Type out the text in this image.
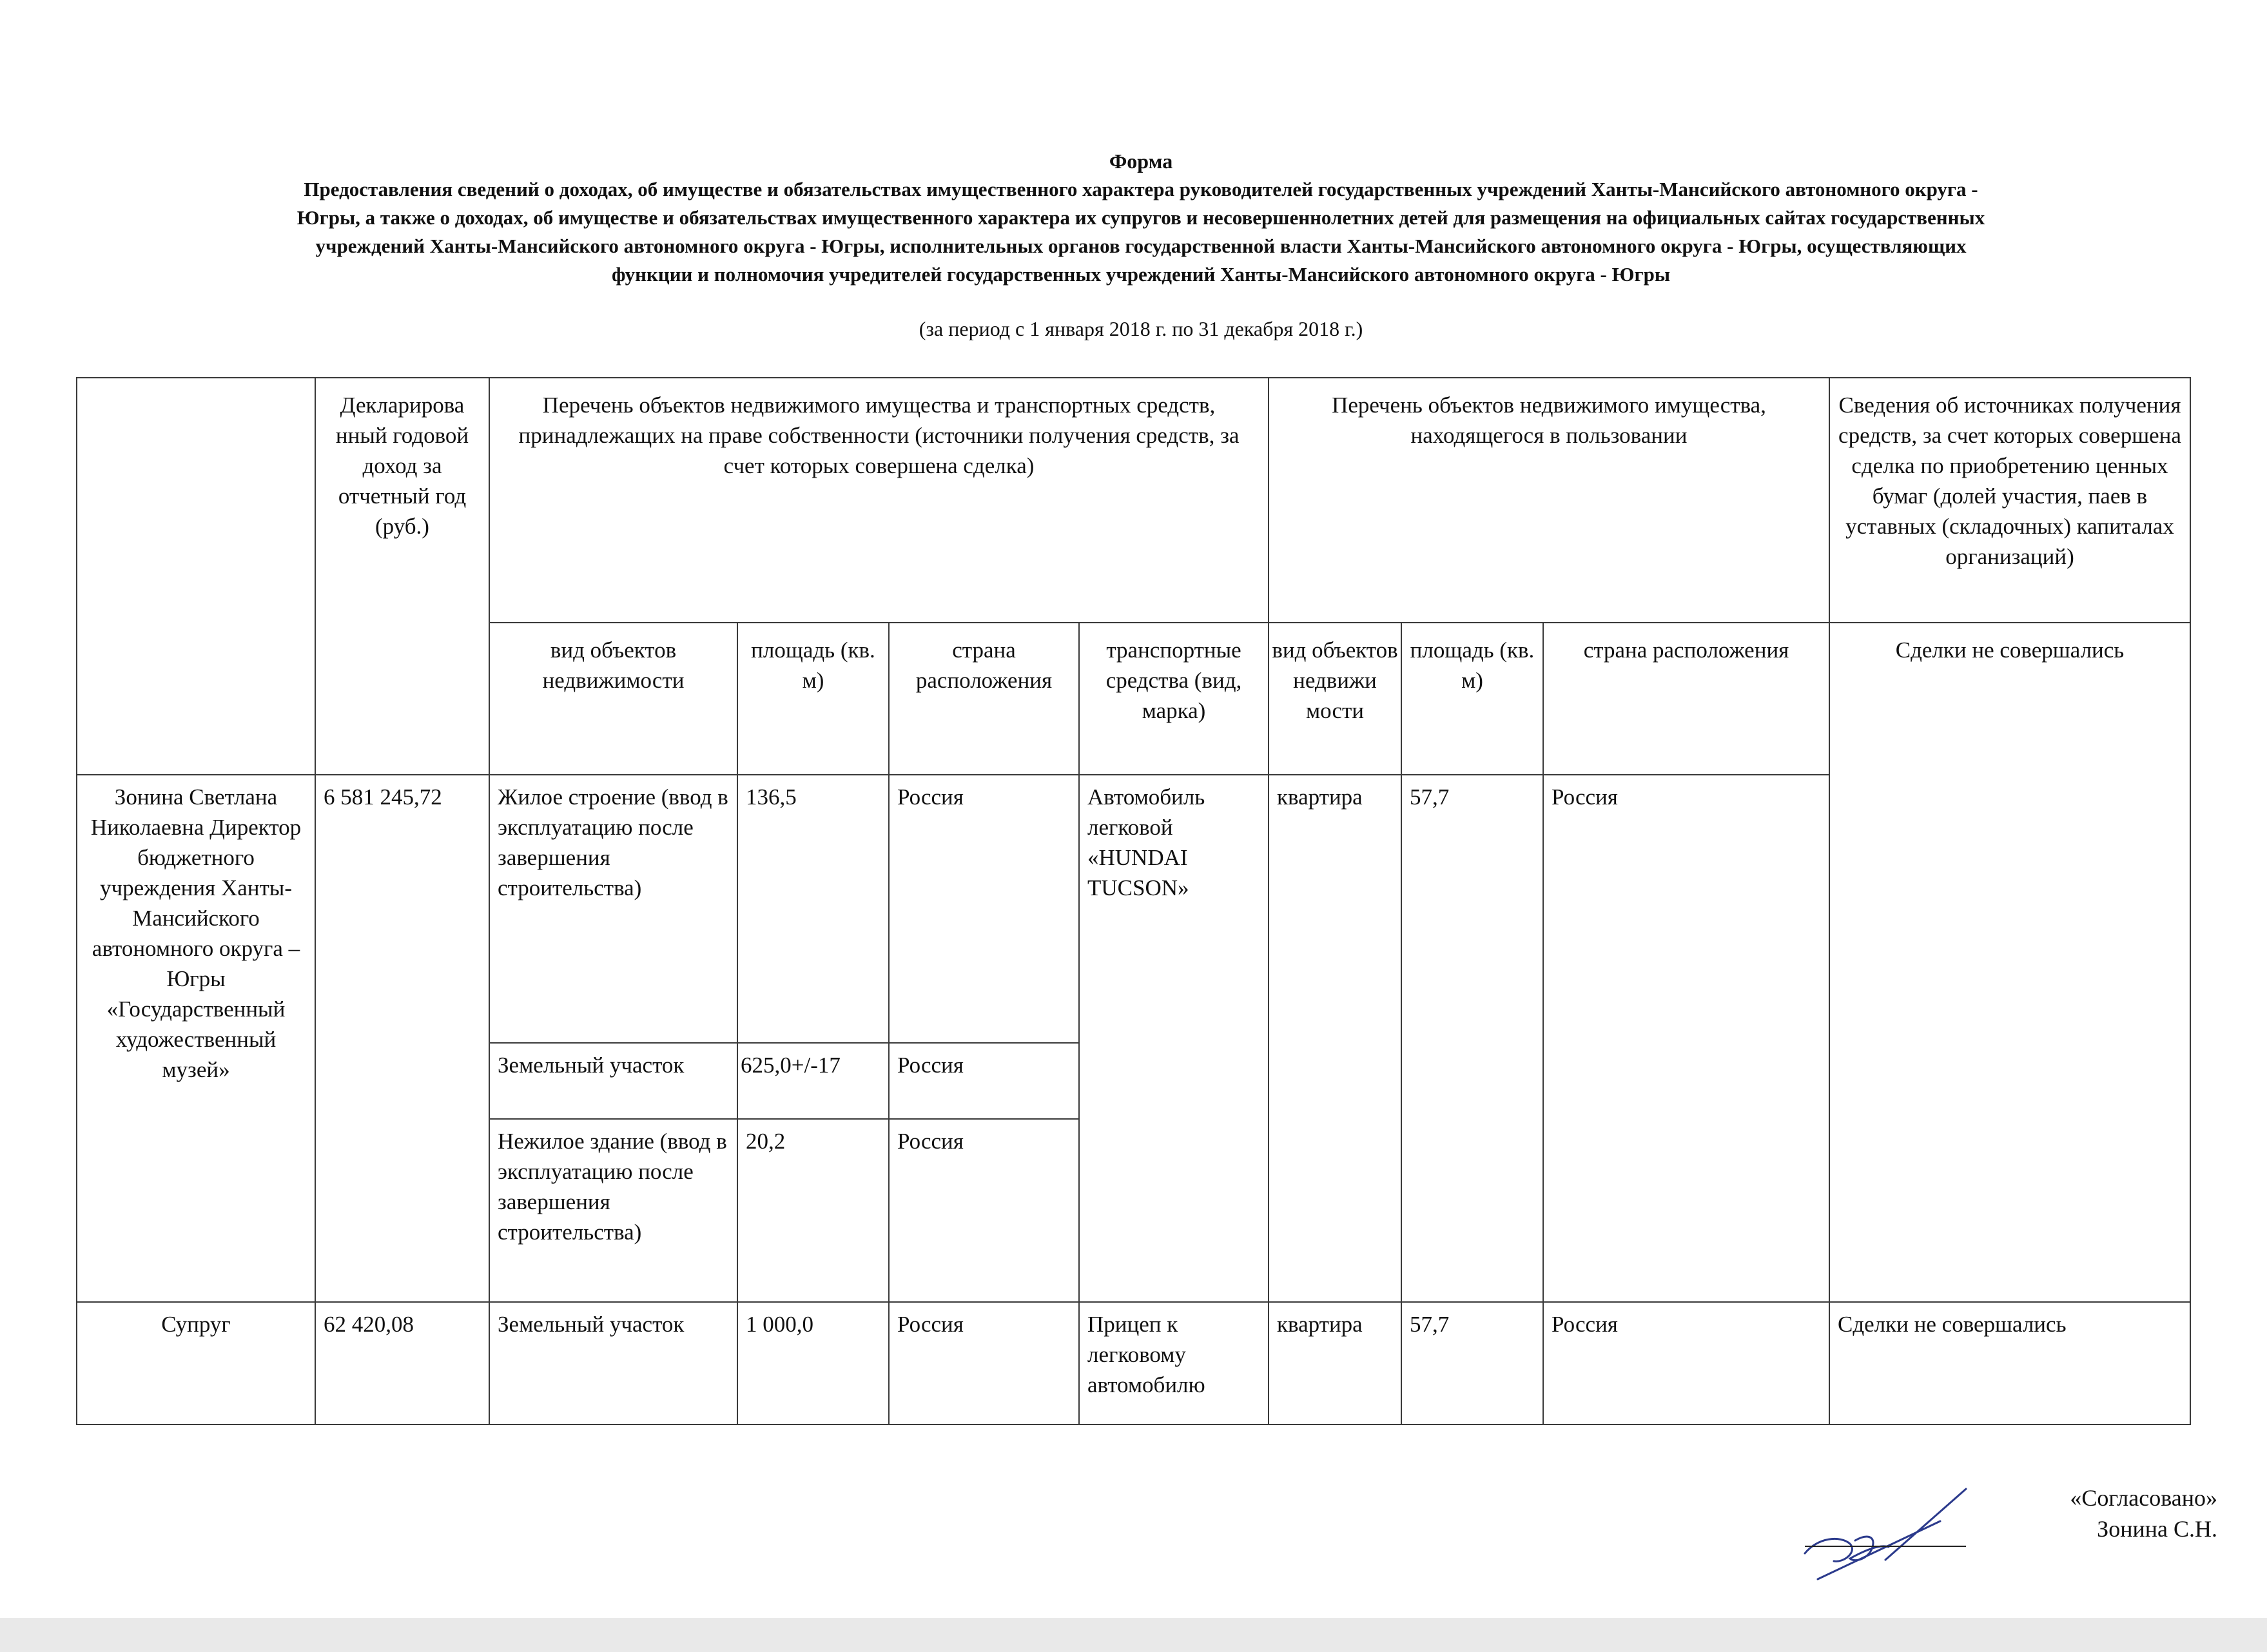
Форма
Предоставления сведений о доходах, об имуществе и обязательствах имущественного характера руководителей государственных учреждений Ханты-Мансийского автономного округа -
Югры, а также о доходах, об имуществе и обязательствах имущественного характера их супругов и несовершеннолетних детей для размещения на официальных сайтах государственных
учреждений Ханты-Мансийского автономного округа - Югры, исполнительных органов государственной власти Ханты-Мансийского автономного округа - Югры, осуществляющих
функции и полномочия учредителей государственных учреждений Ханты-Мансийского автономного округа - Югры
(за период с 1 января 2018 г. по 31 декабря 2018 г.)
	Декларирова нный годовой доход за отчетный год (руб.)	Перечень объектов недвижимого имущества и транспортных средств, принадлежащих на праве собственности (источники получения средств, за счет которых совершена сделка)				Перечень объектов недвижимого имущества, находящегося в пользовании			Сведения об источниках получения средств, за счет которых совершена сделка по приобретению ценных бумаг (долей участия, паев в уставных (складочных) капиталах организаций)
		вид объектов недвижимости	площадь (кв. м)	страна расположения	транспортные средства (вид, марка)	вид объектов недвижи мости	площадь (кв. м)	страна расположения	Сделки не совершались
Зонина Светлана Николаевна Директор бюджетного учреждения Ханты-Мансийского автономного округа – Югры «Государственный художественный музей»	6 581 245,72	Жилое строение (ввод в эксплуатацию после завершения строительства)	136,5	Россия	Автомобиль легковой «HUNDAI TUCSON»	квартира	57,7	Россия	
		Земельный участок	625,0+/-17	Россия					
		Нежилое здание (ввод в эксплуатацию после завершения строительства)	20,2	Россия					
Супруг	62 420,08	Земельный участок	1 000,0	Россия	Прицеп к легковому автомобилю	квартира	57,7	Россия	Сделки не совершались
«Согласовано»
Зонина С.Н.
